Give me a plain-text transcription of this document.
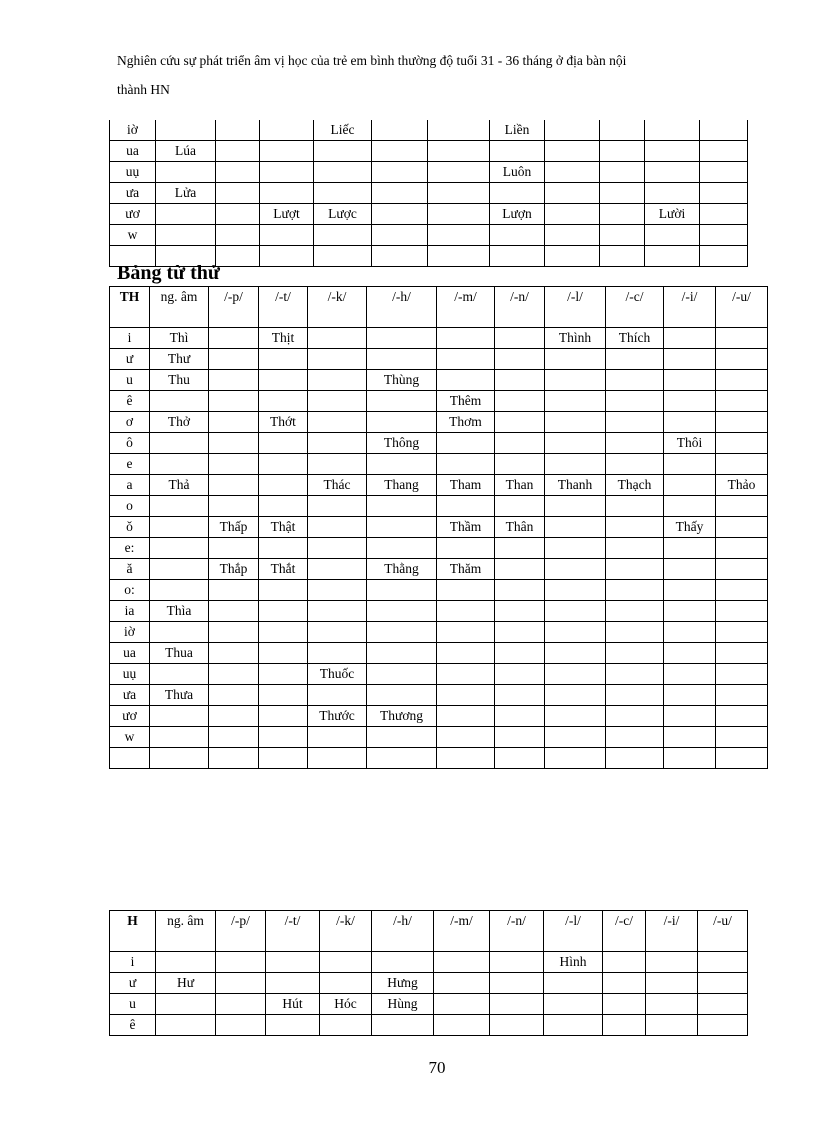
Nghiên cứu sự phát triển âm vị học của trẻ em bình thường độ tuổi 31 - 36 tháng ở địa bàn nội
thành HN
iờ				Liếc			Liền				
ua	Lúa										
uụ							Luôn				
ưa	Lửa										
ươ			Lượt	Lược			Lượn			Lười	
w											

Bảng từ thử
TH	ng. âm	/-p/	/-t/	/-k/	/-h/	/-m/	/-n/	/-l/	/-c/	/-i/	/-u/
i	Thì		Thịt					Thình	Thích		
ư	Thư										
u	Thu				Thùng						
ê						Thêm					
ơ	Thở		Thớt			Thơm					
ô					Thông					Thôi	
e											
a	Thả			Thác	Thang	Tham	Than	Thanh	Thạch		Thảo
o											
ǒ		Thấp	Thật			Thầm	Thân			Thấy	
e:											
ă		Thắp	Thắt		Thằng	Thăm					
o:											
ia	Thìa										
iờ											
ua	Thua										
uụ				Thuốc							
ưa	Thưa										
ươ				Thước	Thương						
w											

H	ng. âm	/-p/	/-t/	/-k/	/-h/	/-m/	/-n/	/-l/	/-c/	/-i/	/-u/
i								Hình			
ư	Hư				Hưng						
u			Hút	Hóc	Hùng						
ê											
70
